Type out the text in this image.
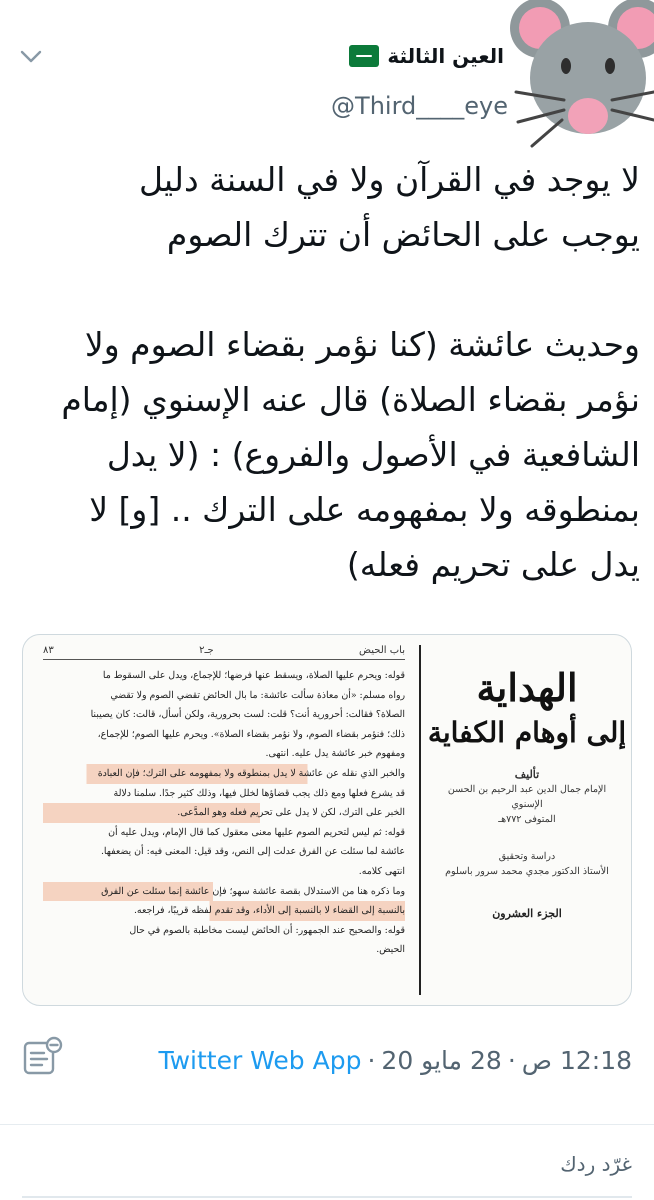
العين الثالثة
@Third____eye

لا يوجد في القرآن ولا في السنة دليل

يوجب على الحائض أن تترك الصوم

وحديث عائشة (كنا نؤمر بقضاء الصوم ولا

نؤمر بقضاء الصلاة) قال عنه الإسنوي (إمام

الشافعية في الأصول والفروع) : (لا يدل

بمنطوقه ولا بمفهومه على الترك .. [و] لا

يدل على تحريم فعله)

باب الحيض
جـ٢
٨٣
قوله: ويحرم عليها الصلاة، ويسقط عنها فرضها؛ للإجماع، ويدل على السقوط ما
رواه مسلم: «أن معاذة سألت عائشة: ما بال الحائض تقضي الصوم ولا تقضي
الصلاة؟ فقالت: أحرورية أنت؟ قلت: لست بحرورية، ولكن أسأل، قالت: كان يصيبنا
ذلك؛ فنؤمر بقضاء الصوم، ولا نؤمر بقضاء الصلاة». ويحرم عليها الصوم؛ للإجماع،
ومفهوم خبر عائشة يدل عليه. انتهى.
والخبر الذي نقله عن عائشة لا يدل بمنطوقه ولا بمفهومه على الترك؛ فإن العبادة
قد يشرع فعلها ومع ذلك يجب قضاؤها لخلل فيها، وذلك كثير جدًا. سلمنا دلالة
الخبر على الترك، لكن لا يدل على تحريم فعله وهو المدَّعى.
قوله: ثم ليس لتحريم الصوم عليها معنى معقول كما قال الإمام، ويدل عليه أن
عائشة لما سئلت عن الفرق عدلت إلى النص، وقد قيل: المعنى فيه: أن يضعفها.
انتهى كلامه.
وما ذكره هنا من الاستدلال بقصة عائشة سهو؛ فإن عائشة إنما سئلت عن الفرق
بالنسبة إلى القضاء لا بالنسبة إلى الأداء، وقد تقدم لفظه قريبًا، فراجعه.
قوله: والصحيح عند الجمهور: أن الحائض ليست مخاطبة بالصوم في حال
الحيض.
الهداية
إلى أوهام الكفاية
تأليف
الإمام جمال الدين عبد الرحيم بن الحسن الإسنوي
المتوفى ٧٧٢هـ
دراسة وتحقيق
الأستاذ الدكتور مجدي محمد سرور باسلوم
الجزء العشرون
Twitter Web App · 28 مايو 20 · 12:18 ص
غرّد ردك
